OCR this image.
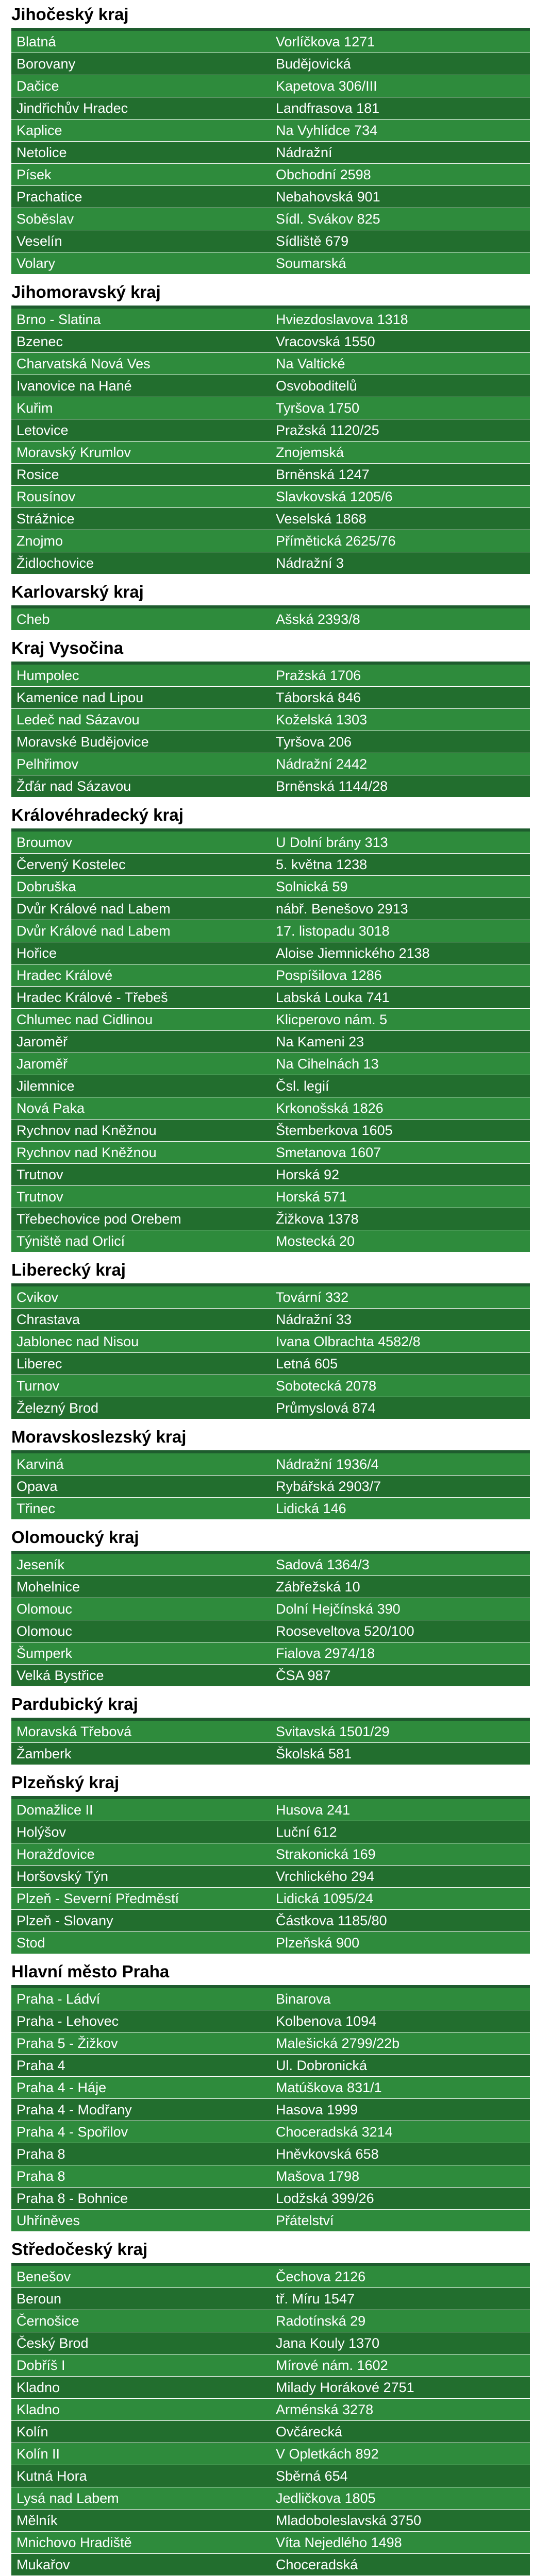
Jihočeský kraj
Blatná	Vorlíčkova 1271
Borovany	Budějovická
Dačice	Kapetova 306/III
Jindřichův Hradec	Landfrasova 181
Kaplice	Na Vyhlídce 734
Netolice	Nádražní
Písek	Obchodní 2598
Prachatice	Nebahovská 901
Soběslav	Sídl. Svákov 825
Veselín	Sídliště 679
Volary	Soumarská
Jihomoravský kraj
Brno - Slatina	Hviezdoslavova 1318
Bzenec	Vracovská 1550
Charvatská Nová Ves	Na Valtické
Ivanovice na Hané	Osvoboditelů
Kuřim	Tyršova 1750
Letovice	Pražská 1120/25
Moravský Krumlov	Znojemská
Rosice	Brněnská 1247
Rousínov	Slavkovská 1205/6
Strážnice	Veselská 1868
Znojmo	Přímětická 2625/76
Židlochovice	Nádražní 3
Karlovarský kraj
Cheb	Ašská 2393/8
Kraj Vysočina
Humpolec	Pražská 1706
Kamenice nad Lipou	Táborská 846
Ledeč nad Sázavou	Koželská 1303
Moravské Budějovice	Tyršova 206
Pelhřimov	Nádražní 2442
Žďár nad Sázavou	Brněnská 1144/28
Královéhradecký kraj
Broumov	U Dolní brány 313
Červený Kostelec	5. května 1238
Dobruška	Solnická 59
Dvůr Králové nad Labem	nábř. Benešovo 2913
Dvůr Králové nad Labem	17. listopadu 3018
Hořice	Aloise Jiemnického 2138
Hradec Králové	Pospíšilova 1286
Hradec Králové - Třebeš	Labská Louka 741
Chlumec nad Cidlinou	Klicperovo nám. 5
Jaroměř	Na Kameni 23
Jaroměř	Na Cihelnách 13
Jilemnice	Čsl. legií
Nová Paka	Krkonošská 1826
Rychnov nad Kněžnou	Štemberkova 1605
Rychnov nad Kněžnou	Smetanova 1607
Trutnov	Horská 92
Trutnov	Horská 571
Třebechovice pod Orebem	Žižkova 1378
Týniště nad Orlicí	Mostecká 20
Liberecký kraj
Cvikov	Tovární 332
Chrastava	Nádražní 33
Jablonec nad Nisou	Ivana Olbrachta 4582/8
Liberec	Letná 605
Turnov	Sobotecká 2078
Železný Brod	Průmyslová 874
Moravskoslezský kraj
Karviná	Nádražní 1936/4
Opava	Rybářská 2903/7
Třinec	Lidická 146
Olomoucký kraj
Jeseník	Sadová 1364/3
Mohelnice	Zábřežská 10
Olomouc	Dolní Hejčínská 390
Olomouc	Rooseveltova 520/100
Šumperk	Fialova 2974/18
Velká Bystřice	ČSA 987
Pardubický kraj
Moravská Třebová	Svitavská 1501/29
Žamberk	Školská 581
Plzeňský kraj
Domažlice II	Husova 241
Holýšov	Luční 612
Horažďovice	Strakonická 169
Horšovský Týn	Vrchlického 294
Plzeň - Severní Předměstí	Lidická 1095/24
Plzeň - Slovany	Částkova 1185/80
Stod	Plzeňská 900
Hlavní město Praha
Praha - Ládví	Binarova
Praha - Lehovec	Kolbenova 1094
Praha 5 - Žižkov	Malešická 2799/22b
Praha 4	Ul. Dobronická
Praha 4 - Háje	Matúškova 831/1
Praha 4 - Modřany	Hasova 1999
Praha 4 - Spořilov	Choceradská 3214
Praha 8	Hněvkovská 658
Praha 8	Mašova 1798
Praha 8 - Bohnice	Lodžská 399/26
Uhříněves	Přátelství
Středočeský kraj
Benešov	Čechova 2126
Beroun	tř. Míru 1547
Černošice	Radotínská 29
Český Brod	Jana Kouly 1370
Dobříš I	Mírové nám. 1602
Kladno	Milady Horákové 2751
Kladno	Arménská 3278
Kolín	Ovčárecká
Kolín II	V Opletkách 892
Kutná Hora	Sběrná 654
Lysá nad Labem	Jedličkova 1805
Mělník	Mladoboleslavská 3750
Mnichovo Hradiště	Víta Nejedlého 1498
Mukařov	Choceradská
